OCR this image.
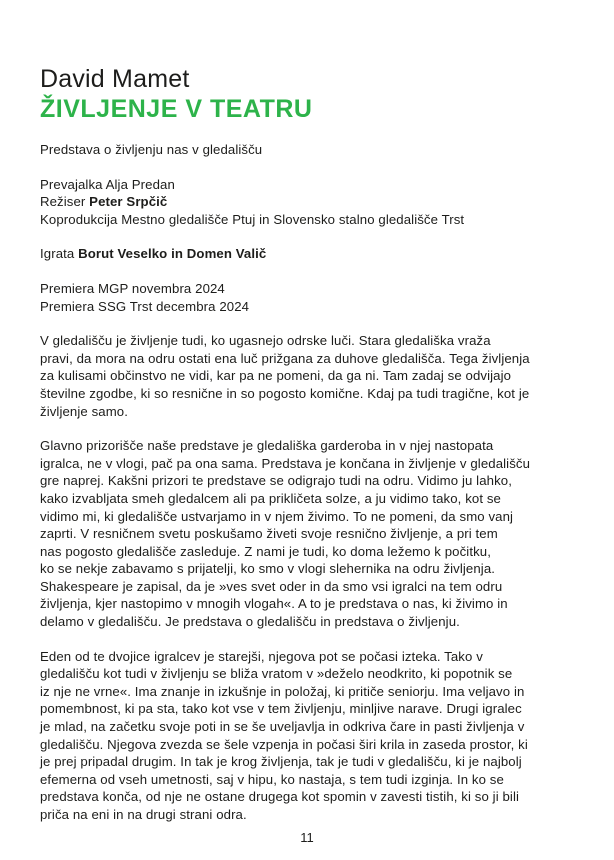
David Mamet
ŽIVLJENJE V TEATRU

Predstava o življenju nas v gledališču

Prevajalka Alja Predan
Režiser Peter Srpčič
Koprodukcija Mestno gledališče Ptuj in Slovensko stalno gledališče Trst
Igrata Borut Veselko in Domen Valič
Premiera MGP novembra 2024
Premiera SSG Trst decembra 2024
V gledališču je življenje tudi, ko ugasnejo odrske luči. Stara gledališka vraža
pravi, da mora na odru ostati ena luč prižgana za duhove gledališča. Tega življenja
za kulisami občinstvo ne vidi, kar pa ne pomeni, da ga ni. Tam zadaj se odvijajo
številne zgodbe, ki so resnične in so pogosto komične. Kdaj pa tudi tragične, kot je
življenje samo.
Glavno prizorišče naše predstave je gledališka garderoba in v njej nastopata
igralca, ne v vlogi, pač pa ona sama. Predstava je končana in življenje v gledališču
gre naprej. Kakšni prizori te predstave se odigrajo tudi na odru. Vidimo ju lahko,
kako izvabljata smeh gledalcem ali pa prikličeta solze, a ju vidimo tako, kot se
vidimo mi, ki gledališče ustvarjamo in v njem živimo. To ne pomeni, da smo vanj
zaprti. V resničnem svetu poskušamo živeti svoje resnično življenje, a pri tem
nas pogosto gledališče zasleduje. Z nami je tudi, ko doma ležemo k počitku,
ko se nekje zabavamo s prijatelji, ko smo v vlogi slehernika na odru življenja.
Shakespeare je zapisal, da je »ves svet oder in da smo vsi igralci na tem odru
življenja, kjer nastopimo v mnogih vlogah«. A to je predstava o nas, ki živimo in
delamo v gledališču. Je predstava o gledališču in predstava o življenju.
Eden od te dvojice igralcev je starejši, njegova pot se počasi izteka. Tako v
gledališču kot tudi v življenju se bliža vratom v »deželo neodkrito, ki popotnik se
iz nje ne vrne«. Ima znanje in izkušnje in položaj, ki pritiče seniorju. Ima veljavo in
pomembnost, ki pa sta, tako kot vse v tem življenju, minljive narave. Drugi igralec
je mlad, na začetku svoje poti in se še uveljavlja in odkriva čare in pasti življenja v
gledališču. Njegova zvezda se šele vzpenja in počasi širi krila in zaseda prostor, ki
je prej pripadal drugim. In tak je krog življenja, tak je tudi v gledališču, ki je najbolj
efemerna od vseh umetnosti, saj v hipu, ko nastaja, s tem tudi izginja. In ko se
predstava konča, od nje ne ostane drugega kot spomin v zavesti tistih, ki so ji bili
priča na eni in na drugi strani odra.
11
